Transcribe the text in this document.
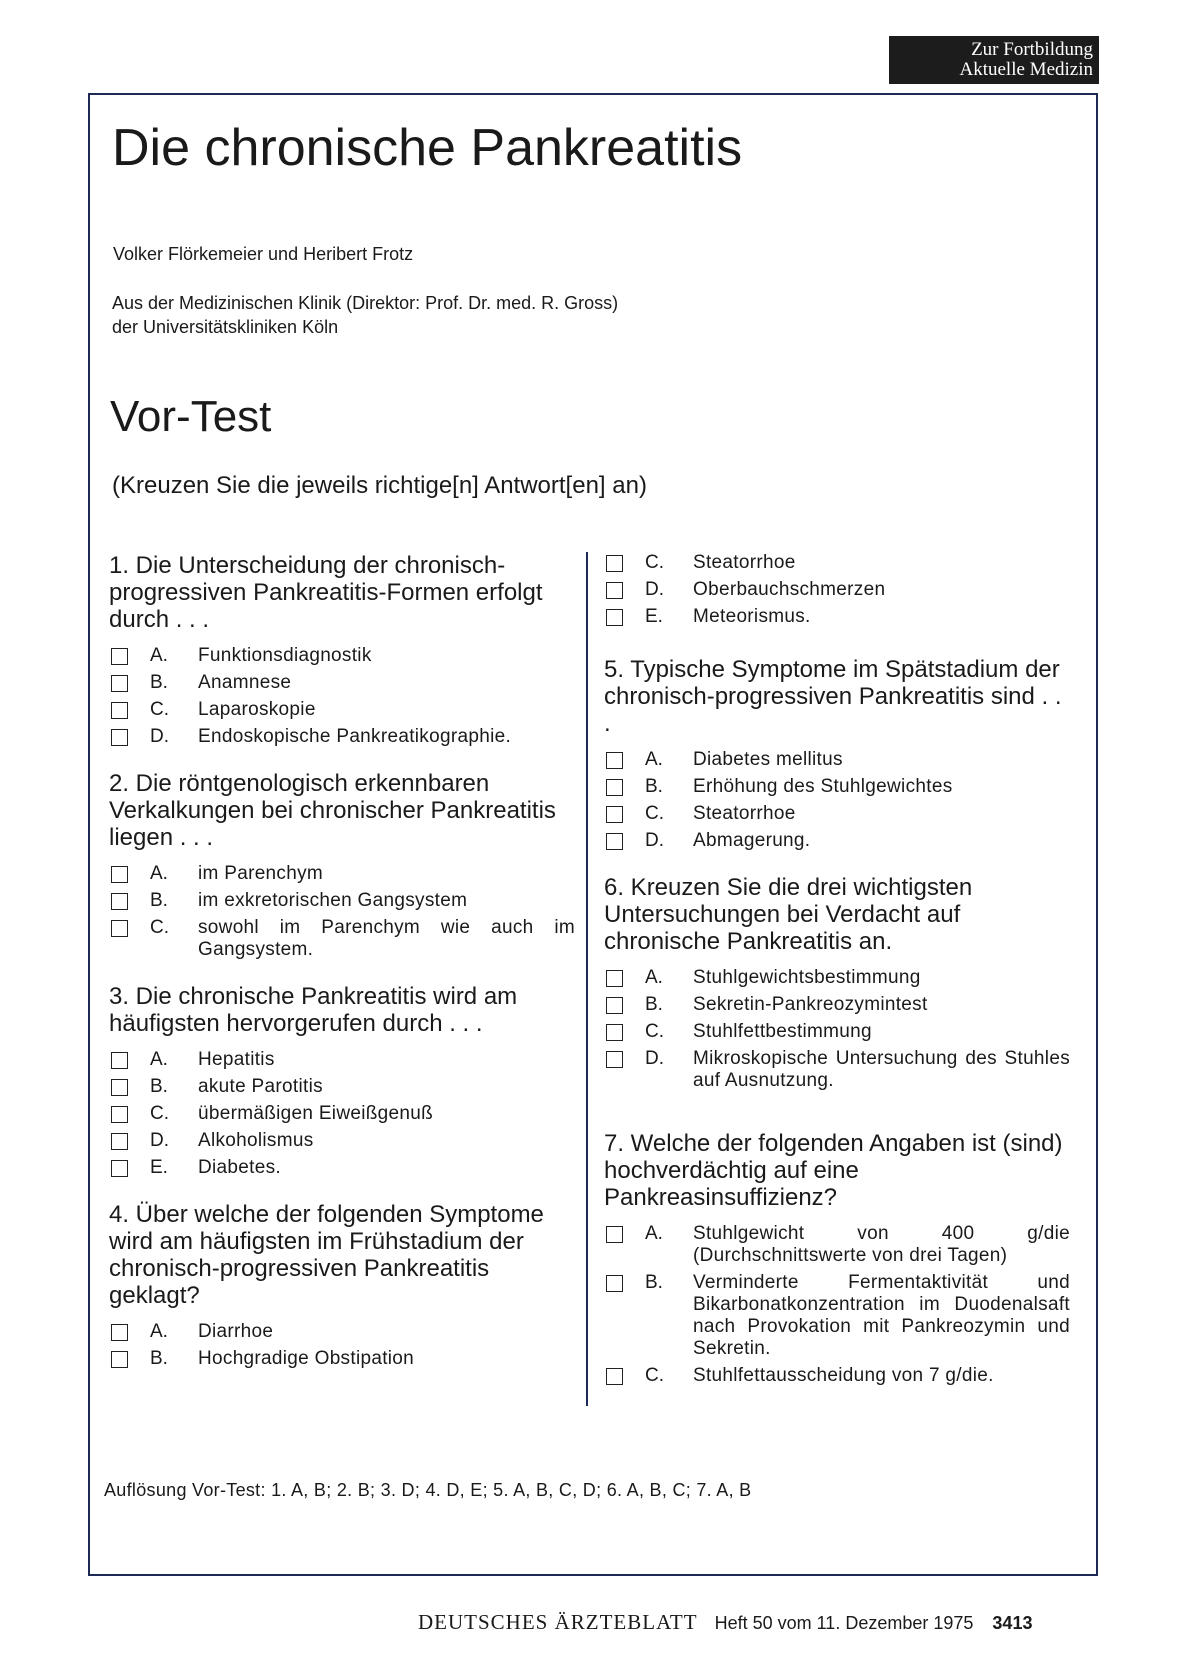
Zur Fortbildung
Aktuelle Medizin
Die chronische Pankreatitis

Volker Flörkemeier und Heribert Frotz

Aus der Medizinischen Klinik (Direktor: Prof. Dr. med. R. Gross)
der Universitätskliniken Köln

Vor-Test

(Kreuzen Sie die jeweils richtige[n] Antwort[en] an)

1. Die Unterscheidung der chronisch-progressiven Pankreatitis-Formen erfolgt durch . . .

A.	Funktionsdiagnostik
B.	Anamnese
C.	Laparoskopie
D.	Endoskopische Pankreatikographie.

2. Die röntgenologisch erkennbaren Verkalkungen bei chronischer Pankreatitis liegen . . .

A.	im Parenchym
B.	im exkretorischen Gangsystem
C.	sowohl im Parenchym wie auch im Gangsystem.

3. Die chronische Pankreatitis wird am häufigsten hervorgerufen durch . . .

A.	Hepatitis
B.	akute Parotitis
C.	übermäßigen Eiweißgenuß
D.	Alkoholismus
E.	Diabetes.

4. Über welche der folgenden Symptome wird am häufigsten im Frühstadium der chronisch-progressiven Pankreatitis geklagt?

A.	Diarrhoe
B.	Hochgradige Obstipation
C.	Steatorrhoe
D.	Oberbauchschmerzen
E.	Meteorismus.

5. Typische Symptome im Spätstadium der chronisch-progressiven Pankreatitis sind . . .

A.	Diabetes mellitus
B.	Erhöhung des Stuhlgewichtes
C.	Steatorrhoe
D.	Abmagerung.

6. Kreuzen Sie die drei wichtigsten Untersuchungen bei Verdacht auf chronische Pankreatitis an.

A.	Stuhlgewichtsbestimmung
B.	Sekretin-Pankreozymintest
C.	Stuhlfettbestimmung
D.	Mikroskopische Untersuchung des Stuhles auf Ausnutzung.

7. Welche der folgenden Angaben ist (sind) hochverdächtig auf eine Pankreasinsuffizienz?

A.	Stuhlgewicht von 400 g/die (Durchschnittswerte von drei Tagen)
B.	Verminderte Fermentaktivität und Bikarbonatkonzentration im Duodenalsaft nach Provokation mit Pankreozymin und Sekretin.
C.	Stuhlfettausscheidung von 7 g/die.

Auflösung Vor-Test: 1. A, B; 2. B; 3. D; 4. D, E; 5. A, B, C, D; 6. A, B, C; 7. A, B

DEUTSCHES ÄRZTEBLATT Heft 50 vom 11. Dezember 1975 3413
